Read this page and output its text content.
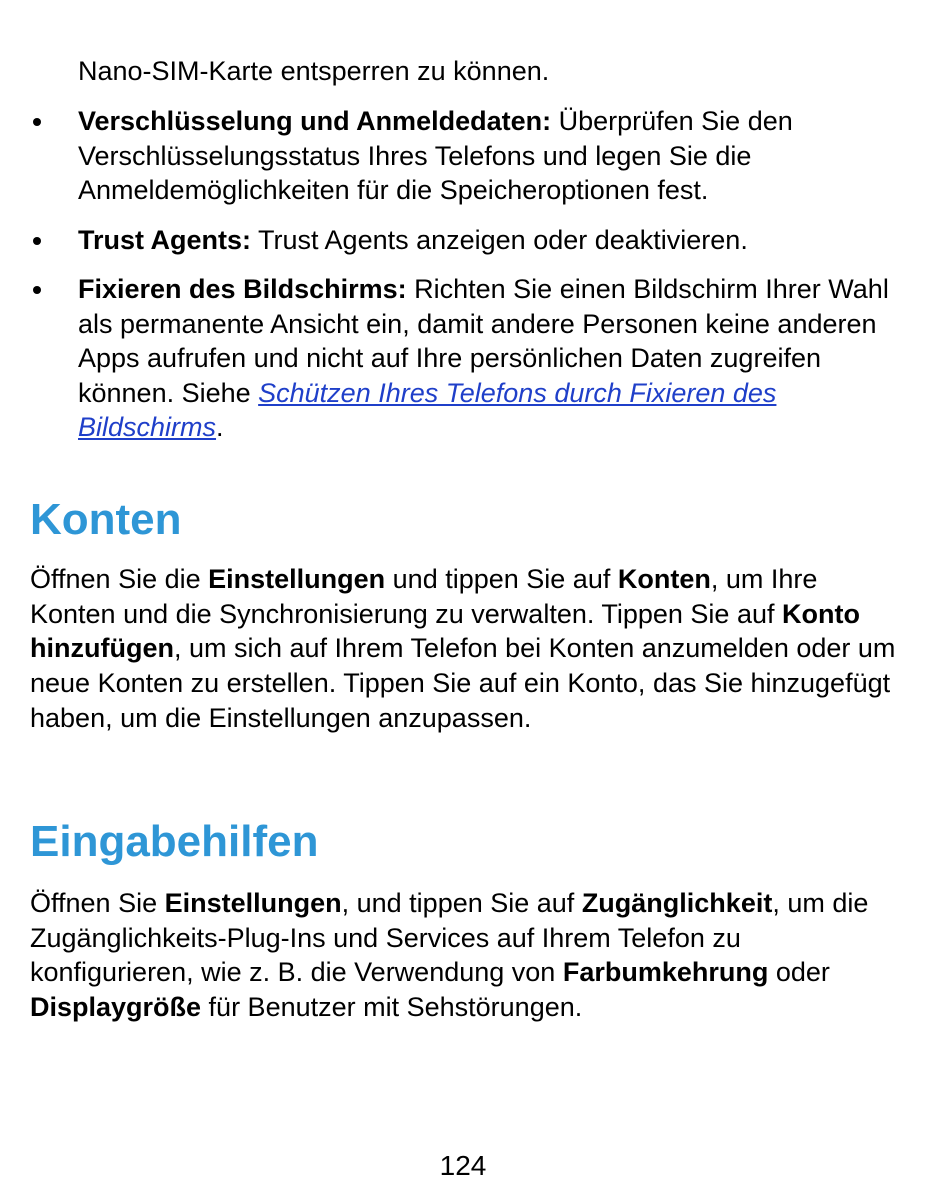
Nano-SIM-Karte entsperren zu können.

Verschlüsselung und Anmeldedaten: Überprüfen Sie den Verschlüsselungsstatus Ihres Telefons und legen Sie die Anmeldemöglichkeiten für die Speicheroptionen fest.
Trust Agents: Trust Agents anzeigen oder deaktivieren.
Fixieren des Bildschirms: Richten Sie einen Bildschirm Ihrer Wahl als permanente Ansicht ein, damit andere Personen keine anderen Apps aufrufen und nicht auf Ihre persönlichen Daten zugreifen können. Siehe Schützen Ihres Telefons durch Fixieren des Bildschirms.
Konten

Öffnen Sie die Einstellungen und tippen Sie auf Konten, um Ihre Konten und die Synchronisierung zu verwalten. Tippen Sie auf Konto hinzufügen, um sich auf Ihrem Telefon bei Konten anzumelden oder um neue Konten zu erstellen. Tippen Sie auf ein Konto, das Sie hinzugefügt haben, um die Einstellungen anzupassen.

Eingabehilfen

Öffnen Sie Einstellungen, und tippen Sie auf Zugänglichkeit, um die Zugänglichkeits-Plug-Ins und Services auf Ihrem Telefon zu konfigurieren, wie z. B. die Verwendung von Farbumkehrung oder Displaygröße für Benutzer mit Sehstörungen.

124
